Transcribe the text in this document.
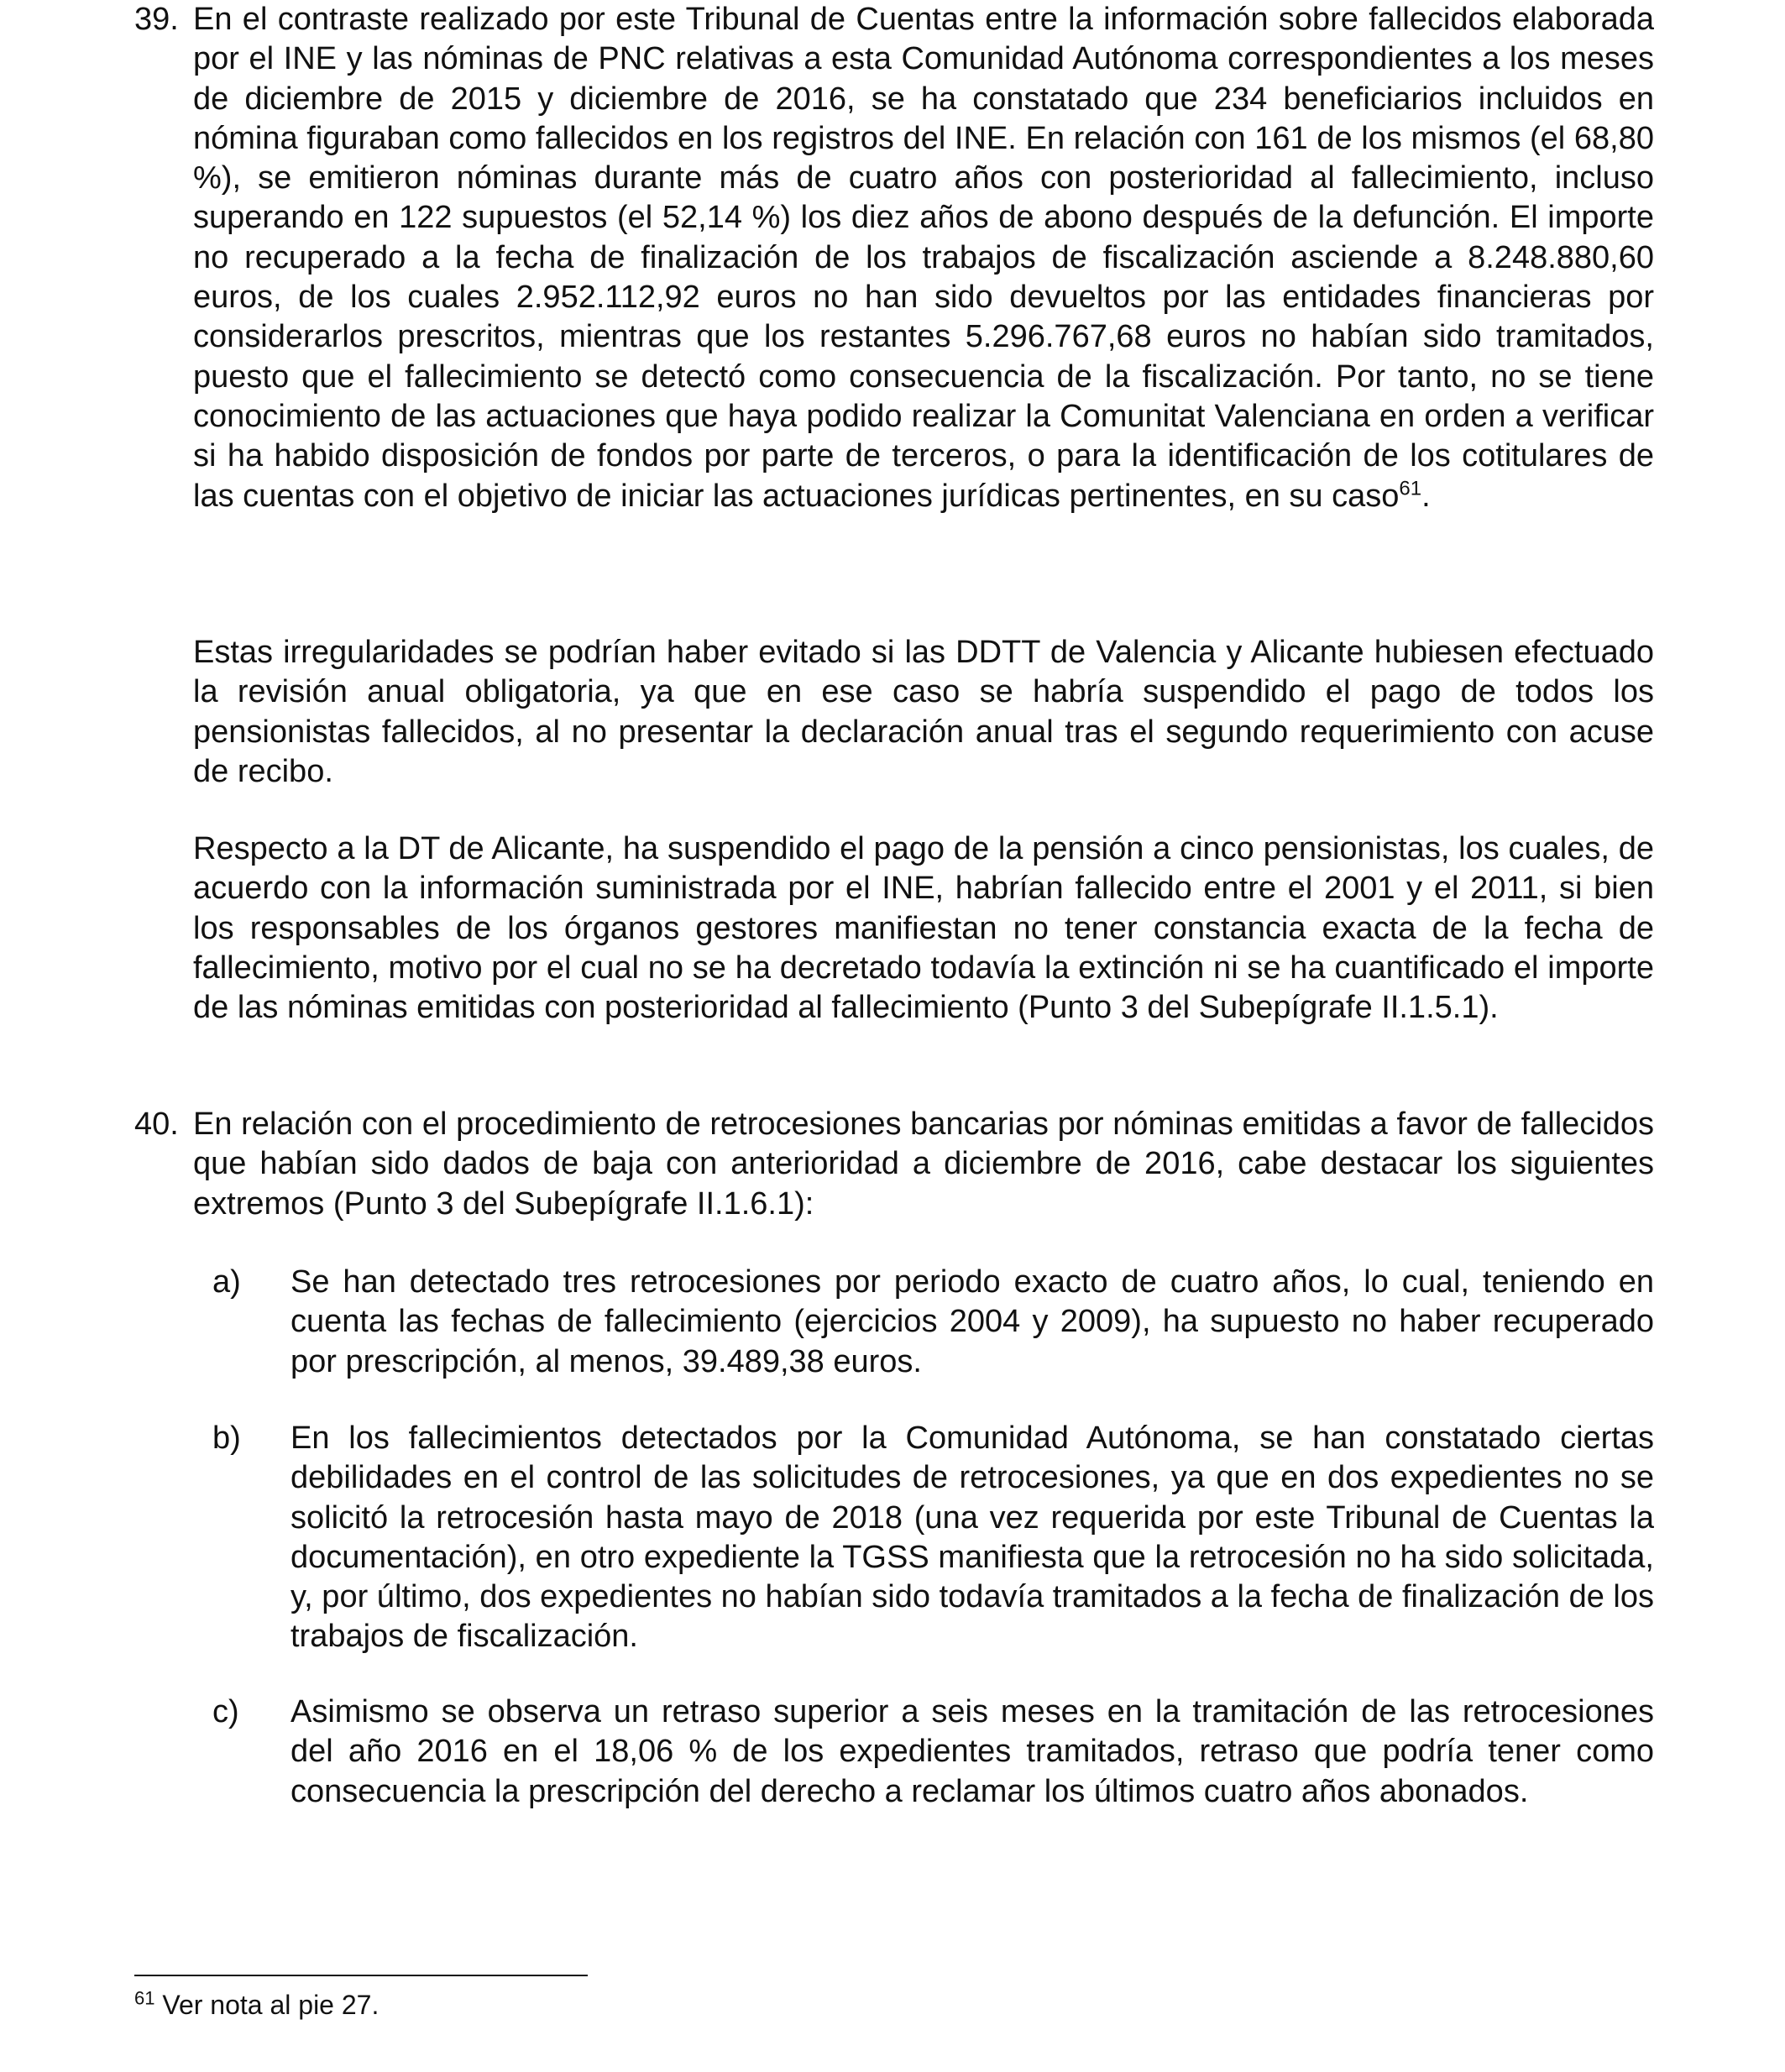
39. En el contraste realizado por este Tribunal de Cuentas entre la información sobre fallecidos elaborada por el INE y las nóminas de PNC relativas a esta Comunidad Autónoma correspondientes a los meses de diciembre de 2015 y diciembre de 2016, se ha constatado que 234 beneficiarios incluidos en nómina figuraban como fallecidos en los registros del INE. En relación con 161 de los mismos (el 68,80 %), se emitieron nóminas durante más de cuatro años con posterioridad al fallecimiento, incluso superando en 122 supuestos (el 52,14 %) los diez años de abono después de la defunción. El importe no recuperado a la fecha de finalización de los trabajos de fiscalización asciende a 8.248.880,60 euros, de los cuales 2.952.112,92 euros no han sido devueltos por las entidades financieras por considerarlos prescritos, mientras que los restantes 5.296.767,68 euros no habían sido tramitados, puesto que el fallecimiento se detectó como consecuencia de la fiscalización. Por tanto, no se tiene conocimiento de las actuaciones que haya podido realizar la Comunitat Valenciana en orden a verificar si ha habido disposición de fondos por parte de terceros, o para la identificación de los cotitulares de las cuentas con el objetivo de iniciar las actuaciones jurídicas pertinentes, en su caso$^{61}$.

Estas irregularidades se podrían haber evitado si las DDTT de Valencia y Alicante hubiesen efectuado la revisión anual obligatoria, ya que en ese caso se habría suspendido el pago de todos los pensionistas fallecidos, al no presentar la declaración anual tras el segundo requerimiento con acuse de recibo.

Respecto a la DT de Alicante, ha suspendido el pago de la pensión a cinco pensionistas, los cuales, de acuerdo con la información suministrada por el INE, habrían fallecido entre el 2001 y el 2011, si bien los responsables de los órganos gestores manifiestan no tener constancia exacta de la fecha de fallecimiento, motivo por el cual no se ha decretado todavía la extinción ni se ha cuantificado el importe de las nóminas emitidas con posterioridad al fallecimiento (Punto 3 del Subepígrafe II.1.5.1).

40. En relación con el procedimiento de retrocesiones bancarias por nóminas emitidas a favor de fallecidos que habían sido dados de baja con anterioridad a diciembre de 2016, cabe destacar los siguientes extremos (Punto 3 del Subepígrafe II.1.6.1):

a) Se han detectado tres retrocesiones por periodo exacto de cuatro años, lo cual, teniendo en cuenta las fechas de fallecimiento (ejercicios 2004 y 2009), ha supuesto no haber recuperado por prescripción, al menos, 39.489,38 euros.

b) En los fallecimientos detectados por la Comunidad Autónoma, se han constatado ciertas debilidades en el control de las solicitudes de retrocesiones, ya que en dos expedientes no se solicitó la retrocesión hasta mayo de 2018 (una vez requerida por este Tribunal de Cuentas la documentación), en otro expediente la TGSS manifiesta que la retrocesión no ha sido solicitada, y, por último, dos expedientes no habían sido todavía tramitados a la fecha de finalización de los trabajos de fiscalización.

c) Asimismo se observa un retraso superior a seis meses en la tramitación de las retrocesiones del año 2016 en el 18,06 % de los expedientes tramitados, retraso que podría tener como consecuencia la prescripción del derecho a reclamar los últimos cuatro años abonados.

$^{61}$ Ver nota al pie 27.
